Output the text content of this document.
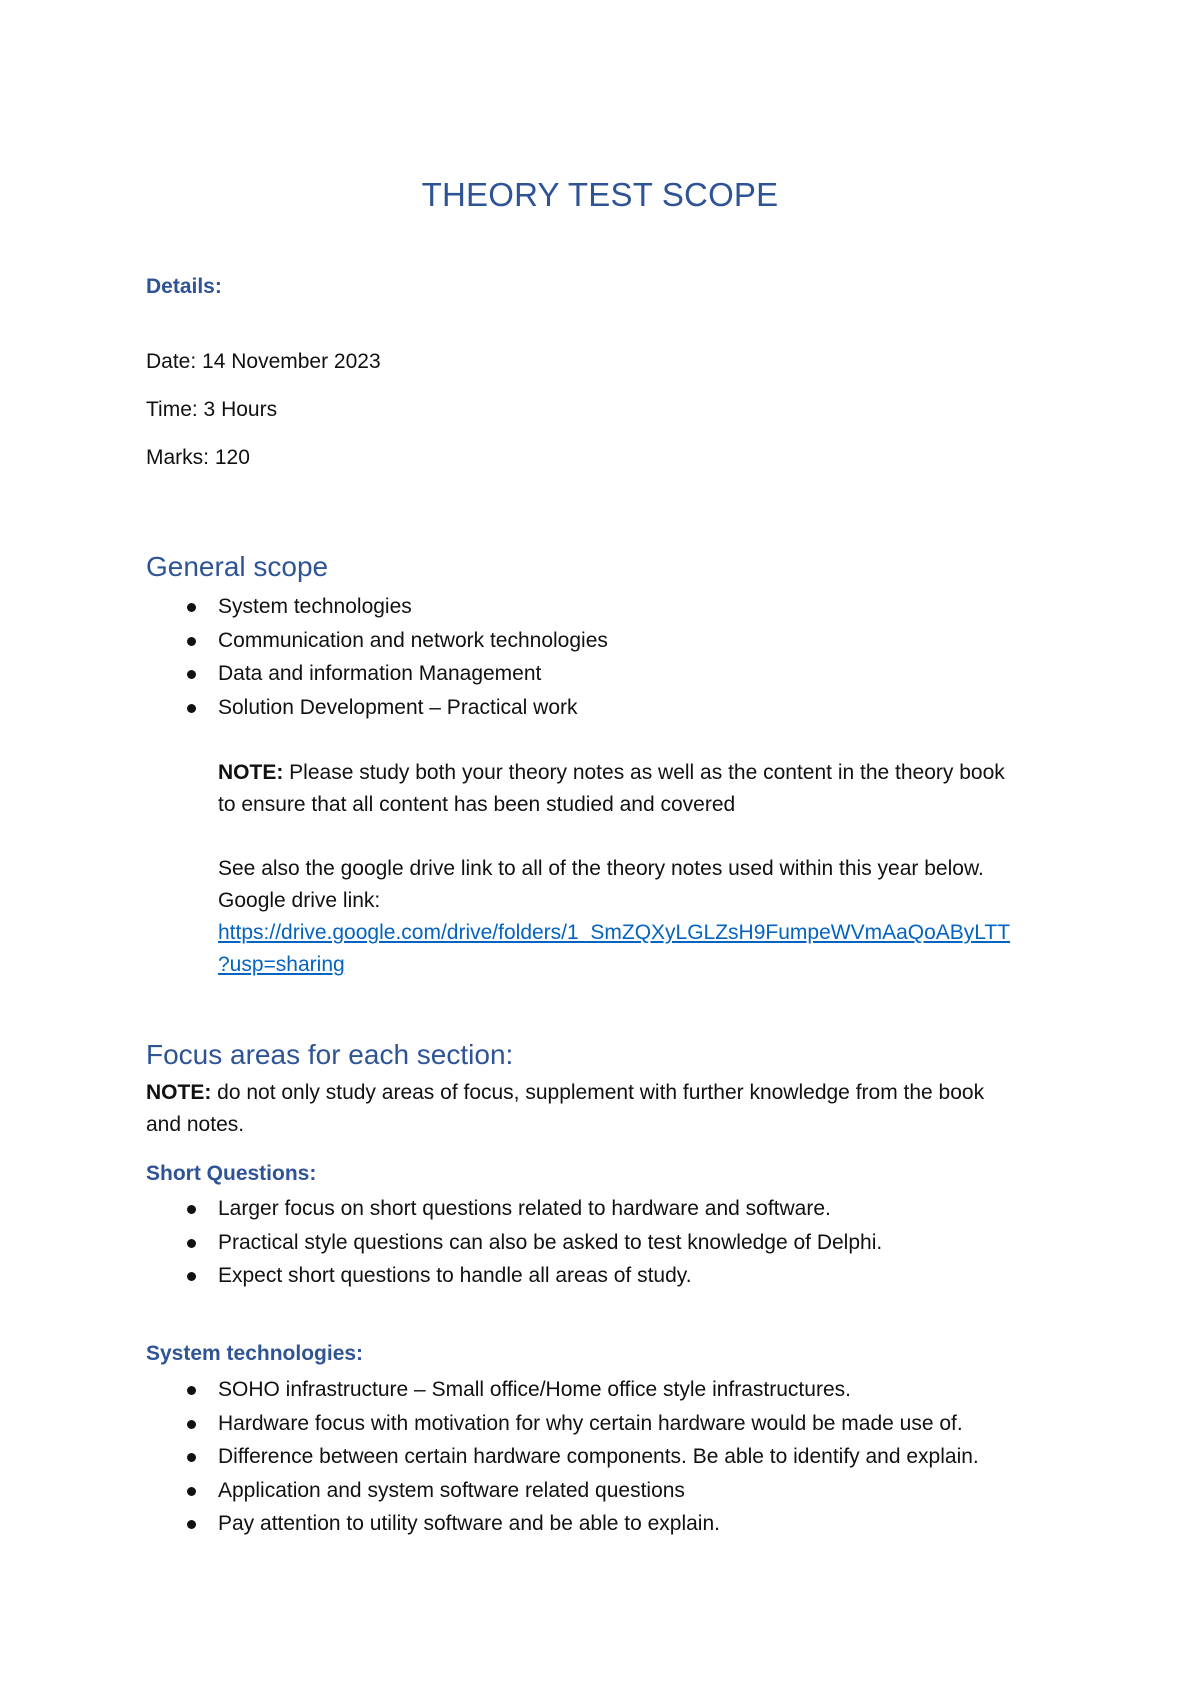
THEORY TEST SCOPE
Details:
Date: 14 November 2023
Time: 3 Hours
Marks: 120
General scope
System technologies
Communication and network technologies
Data and information Management
Solution Development – Practical work
NOTE: Please study both your theory notes as well as the content in the theory book
to ensure that all content has been studied and covered
See also the google drive link to all of the theory notes used within this year below.
Google drive link:
https://drive.google.com/drive/folders/1_SmZQXyLGLZsH9FumpeWVmAaQoAByLTT
?usp=sharing
Focus areas for each section:
NOTE: do not only study areas of focus, supplement with further knowledge from the book
and notes.
Short Questions:
Larger focus on short questions related to hardware and software.
Practical style questions can also be asked to test knowledge of Delphi.
Expect short questions to handle all areas of study.
System technologies:
SOHO infrastructure – Small office/Home office style infrastructures.
Hardware focus with motivation for why certain hardware would be made use of.
Difference between certain hardware components. Be able to identify and explain.
Application and system software related questions
Pay attention to utility software and be able to explain.
